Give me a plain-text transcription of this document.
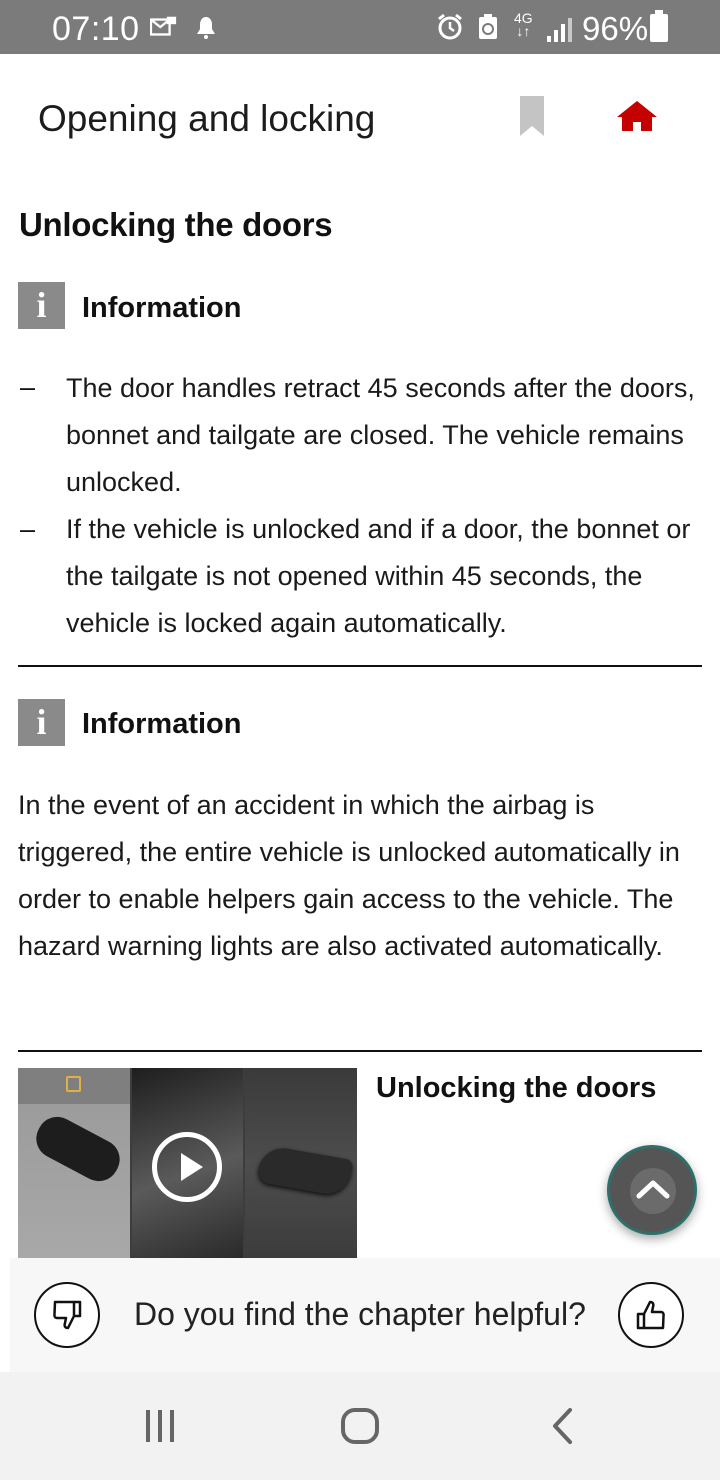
07:10	4G
↓↑ 96%
Opening and locking
Unlocking the doors
i	Information
– The door handles retract 45 seconds after the doors, bonnet and tailgate are closed. The vehicle remains unlocked.
– If the vehicle is unlocked and if a door, the bonnet or the tailgate is not opened within 45 seconds, the vehicle is locked again automatically.
i	Information
In the event of an accident in which the airbag is triggered, the entire vehicle is unlocked automatically in order to enable helpers gain access to the vehicle. The hazard warning lights are also activated automatically.
Unlocking the doors
Do you find the chapter helpful?
